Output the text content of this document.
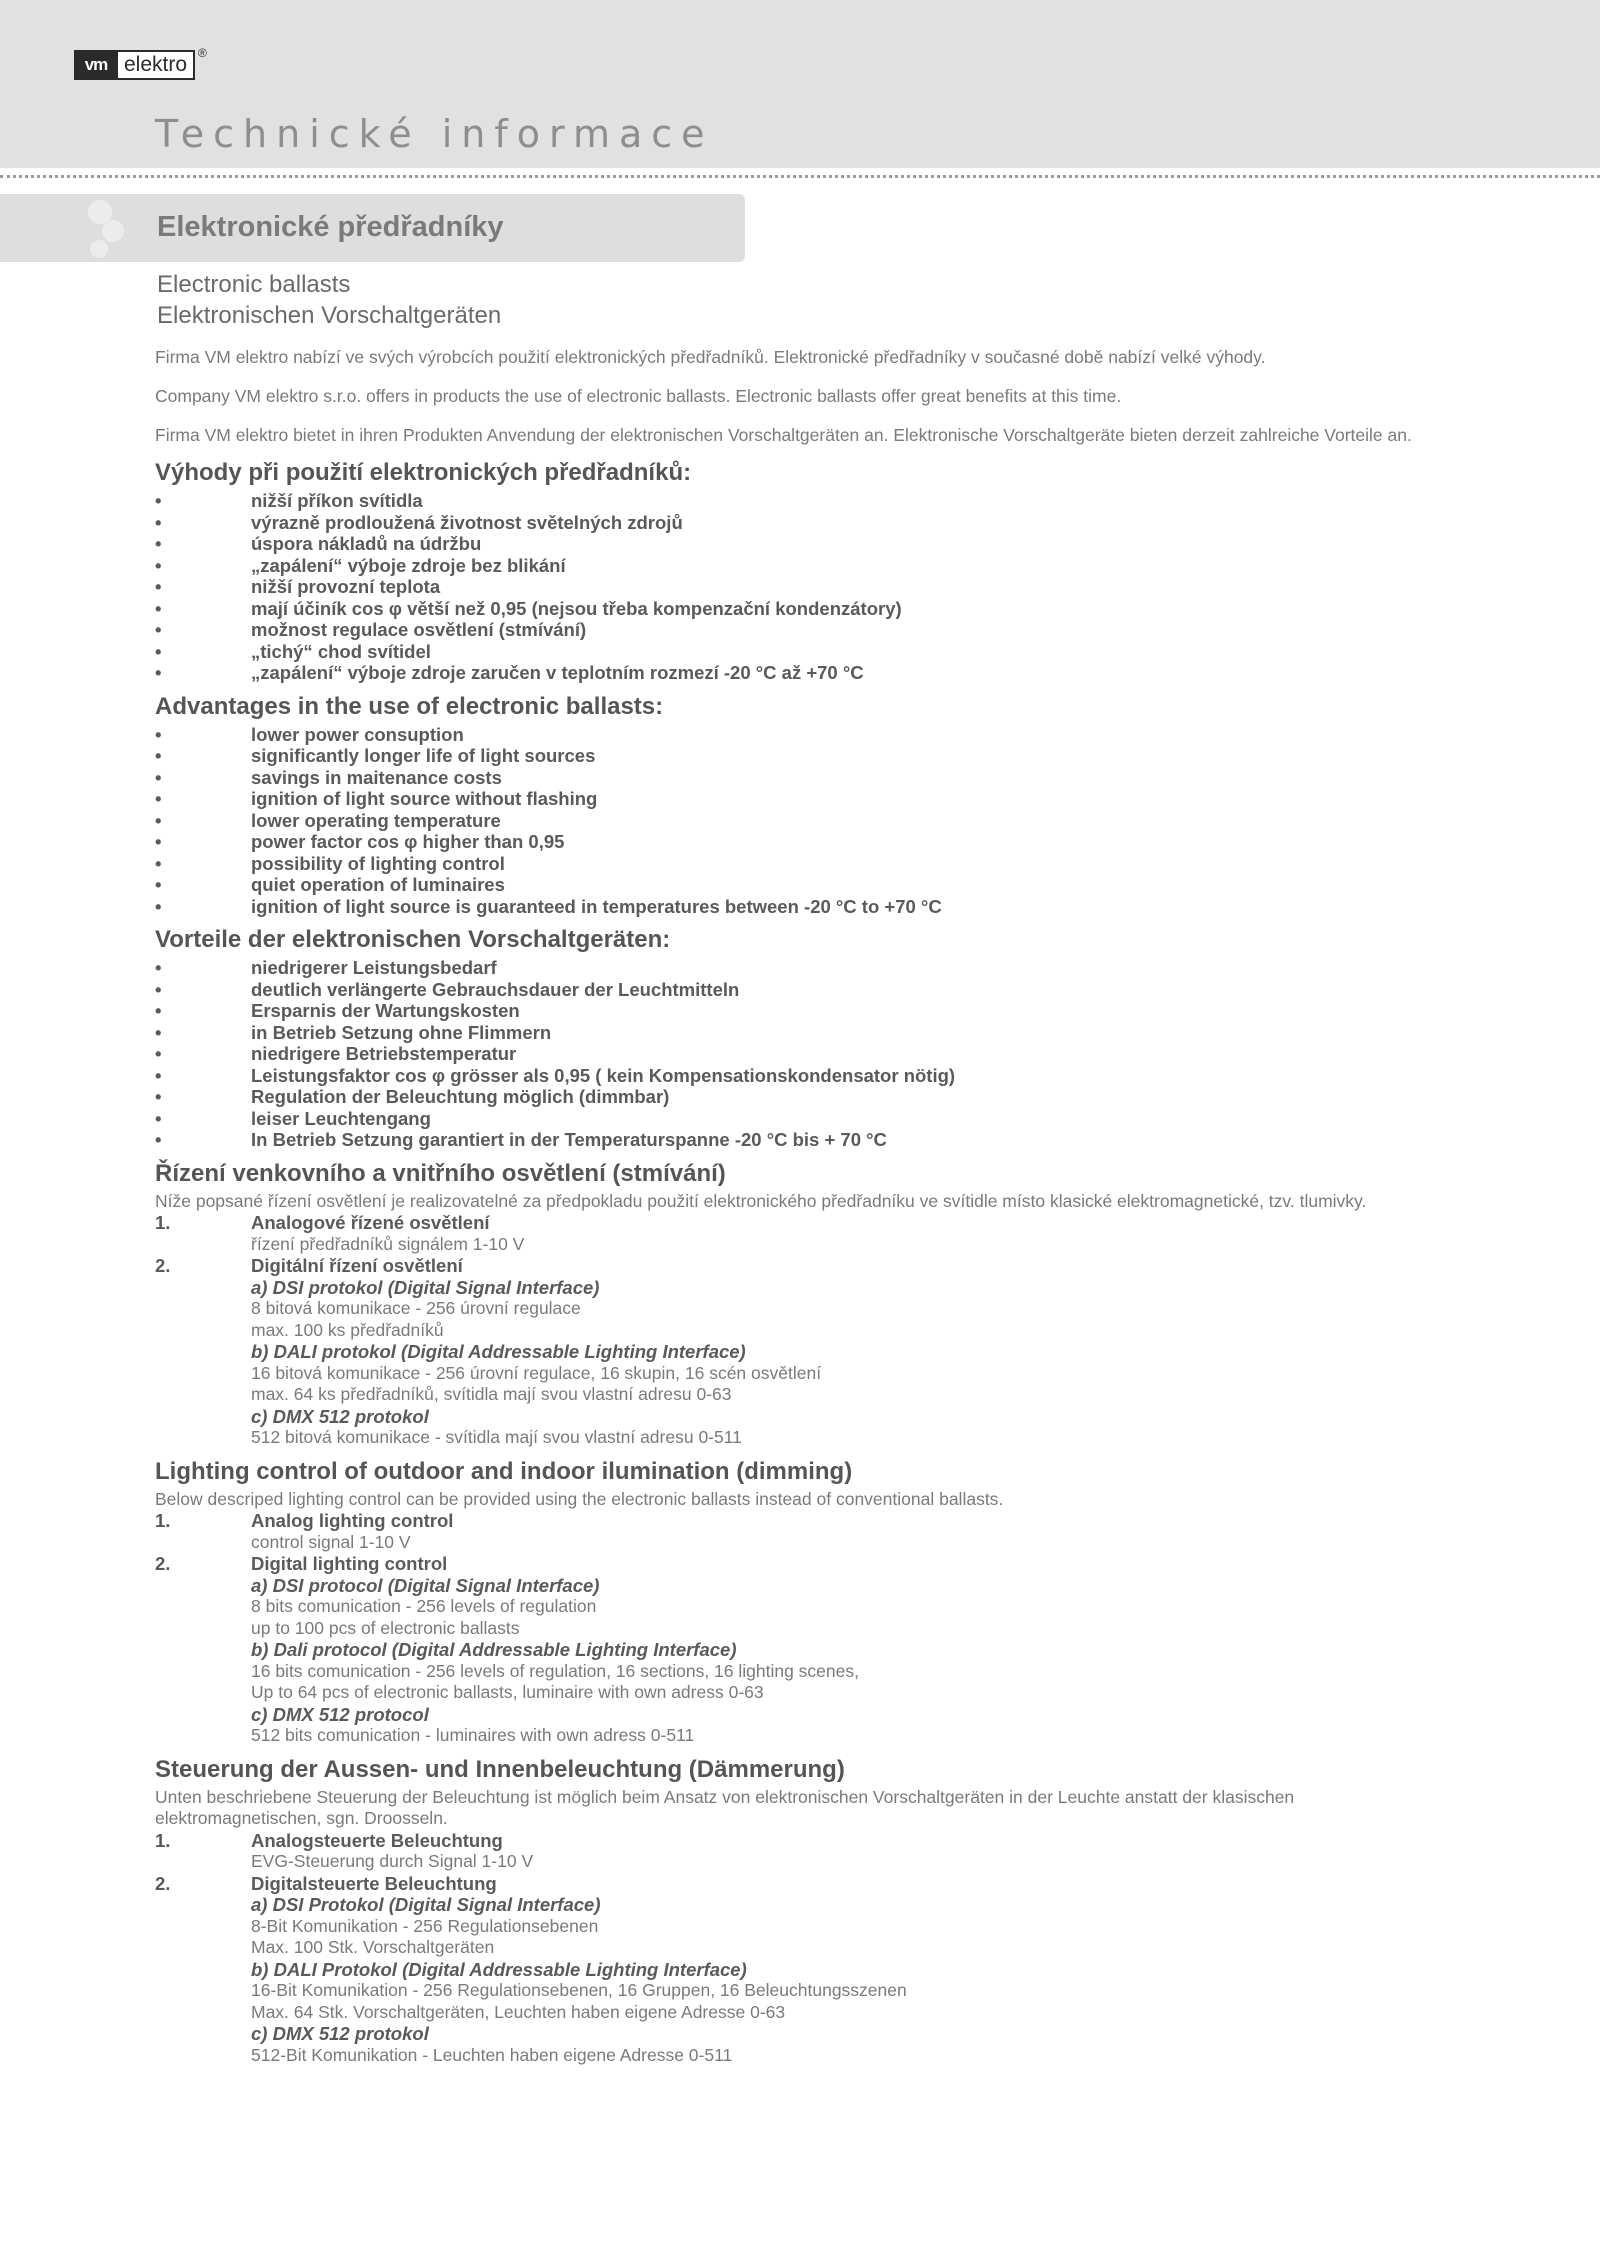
vm elektro ®
Technické informace
Elektronické předřadníky
Electronic ballasts
Elektronischen Vorschaltgeräten

Firma VM elektro nabízí ve svých výrobcích použití elektronických předřadníků. Elektronické předřadníky v současné době nabízí velké výhody.

Company VM elektro s.r.o. offers in products the use of electronic ballasts. Electronic ballasts offer great benefits at this time.

Firma VM elektro bietet in ihren Produkten Anvendung der elektronischen Vorschaltgeräten an. Elektronische Vorschaltgeräte bieten derzeit zahlreiche Vorteile an.

Výhody při použití elektronických předřadníků:
•	nižší příkon svítidla
•	výrazně prodloužená životnost světelných zdrojů
•	úspora nákladů na údržbu
•	„zapálení“ výboje zdroje bez blikání
•	nižší provozní teplota
•	mají účiník cos φ větší než 0,95 (nejsou třeba kompenzační kondenzátory)
•	možnost regulace osvětlení (stmívání)
•	„tichý“ chod svítidel
•	„zapálení“ výboje zdroje zaručen v teplotním rozmezí -20 °C až +70 °C
Advantages in the use of electronic ballasts:
•	lower power consuption
•	significantly longer life of light sources
•	savings in maitenance costs
•	ignition of light source without flashing
•	lower operating temperature
•	power factor cos φ higher than 0,95
•	possibility of lighting control
•	quiet operation of luminaires
•	ignition of light source is guaranteed in temperatures between -20 °C to +70 °C
Vorteile der elektronischen Vorschaltgeräten:
•	niedrigerer Leistungsbedarf
•	deutlich verlängerte Gebrauchsdauer der Leuchtmitteln
•	Ersparnis der Wartungskosten
•	in Betrieb Setzung ohne Flimmern
•	niedrigere Betriebstemperatur
•	Leistungsfaktor cos φ grösser als 0,95 ( kein Kompensationskondensator nötig)
•	Regulation der Beleuchtung möglich (dimmbar)
•	leiser Leuchtengang
•	In Betrieb Setzung garantiert in der Temperaturspanne -20 °C bis + 70 °C
Řízení venkovního a vnitřního osvětlení (stmívání)

Níže popsané řízení osvětlení je realizovatelné za předpokladu použití elektronického předřadníku ve svítidle místo klasické elektromagnetické, tzv. tlumivky.

1.	Analogové řízené osvětlení
řízení předřadníků signálem 1-10 V
2.	Digitální řízení osvětlení
a) DSI protokol (Digital Signal Interface)
8 bitová komunikace - 256 úrovní regulace
max. 100 ks předřadníků
b) DALI protokol (Digital Addressable Lighting Interface)
16 bitová komunikace - 256 úrovní regulace, 16 skupin, 16 scén osvětlení
max. 64 ks předřadníků, svítidla mají svou vlastní adresu 0-63
c) DMX 512 protokol
512 bitová komunikace - svítidla mají svou vlastní adresu 0-511
Lighting control of outdoor and indoor ilumination (dimming)

Below descriped lighting control can be provided using the electronic ballasts instead of conventional ballasts.

1.	Analog lighting control
control signal 1-10 V
2.	Digital lighting control
a) DSI protocol (Digital Signal Interface)
8 bits comunication - 256 levels of regulation
up to 100 pcs of electronic ballasts
b) Dali protocol (Digital Addressable Lighting Interface)
16 bits comunication - 256 levels of regulation, 16 sections, 16 lighting scenes,
Up to 64 pcs of electronic ballasts, luminaire with own adress 0-63
c) DMX 512 protocol
512 bits comunication - luminaires with own adress 0-511
Steuerung der Aussen- und Innenbeleuchtung (Dämmerung)

Unten beschriebene Steuerung der Beleuchtung ist möglich beim Ansatz von elektronischen Vorschaltgeräten in der Leuchte anstatt der klasischen elektromagnetischen, sgn. Droosseln.

1.	Analogsteuerte Beleuchtung
EVG-Steuerung durch Signal 1-10 V
2.	Digitalsteuerte Beleuchtung
a) DSI Protokol (Digital Signal Interface)
8-Bit Komunikation - 256 Regulationsebenen
Max. 100 Stk. Vorschaltgeräten
b) DALI Protokol (Digital Addressable Lighting Interface)
16-Bit Komunikation - 256 Regulationsebenen, 16 Gruppen, 16 Beleuchtungsszenen
Max. 64 Stk. Vorschaltgeräten, Leuchten haben eigene Adresse 0-63
c) DMX 512 protokol
512-Bit Komunikation - Leuchten haben eigene Adresse 0-511
